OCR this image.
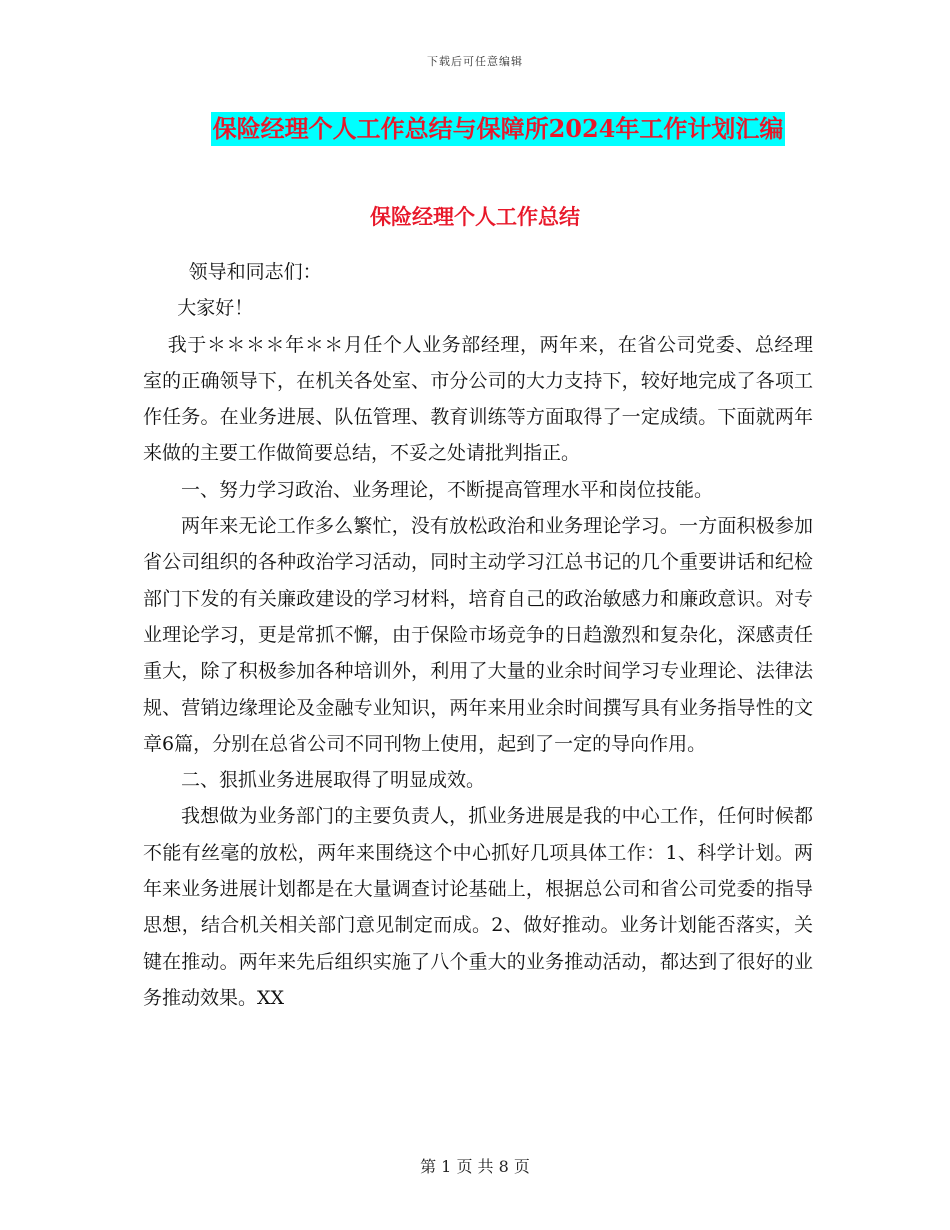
下载后可任意编辑
保险经理个人工作总结与保障所2024年工作计划汇编
保险经理个人工作总结

领导和同志们：

大家好！

我于＊＊＊＊年＊＊月任个人业务部经理，两年来，在省公司党委、总经理室的正确领导下，在机关各处室、市分公司的大力支持下，较好地完成了各项工作任务。在业务进展、队伍管理、教育训练等方面取得了一定成绩。下面就两年来做的主要工作做简要总结，不妥之处请批判指正。

一、努力学习政治、业务理论，不断提高管理水平和岗位技能。

两年来无论工作多么繁忙，没有放松政治和业务理论学习。一方面积极参加省公司组织的各种政治学习活动，同时主动学习江总书记的几个重要讲话和纪检部门下发的有关廉政建设的学习材料，培育自己的政治敏感力和廉政意识。对专业理论学习，更是常抓不懈，由于保险市场竞争的日趋激烈和复杂化，深感责任重大，除了积极参加各种培训外，利用了大量的业余时间学习专业理论、法律法规、营销边缘理论及金融专业知识，两年来用业余时间撰写具有业务指导性的文章6篇，分别在总省公司不同刊物上使用，起到了一定的导向作用。

二、狠抓业务进展取得了明显成效。

我想做为业务部门的主要负责人，抓业务进展是我的中心工作，任何时候都不能有丝毫的放松，两年来围绕这个中心抓好几项具体工作：1、科学计划。两年来业务进展计划都是在大量调查讨论基础上，根据总公司和省公司党委的指导思想，结合机关相关部门意见制定而成。2、做好推动。业务计划能否落实，关键在推动。两年来先后组织实施了八个重大的业务推动活动，都达到了很好的业务推动效果。XX

第 1 页 共 8 页
